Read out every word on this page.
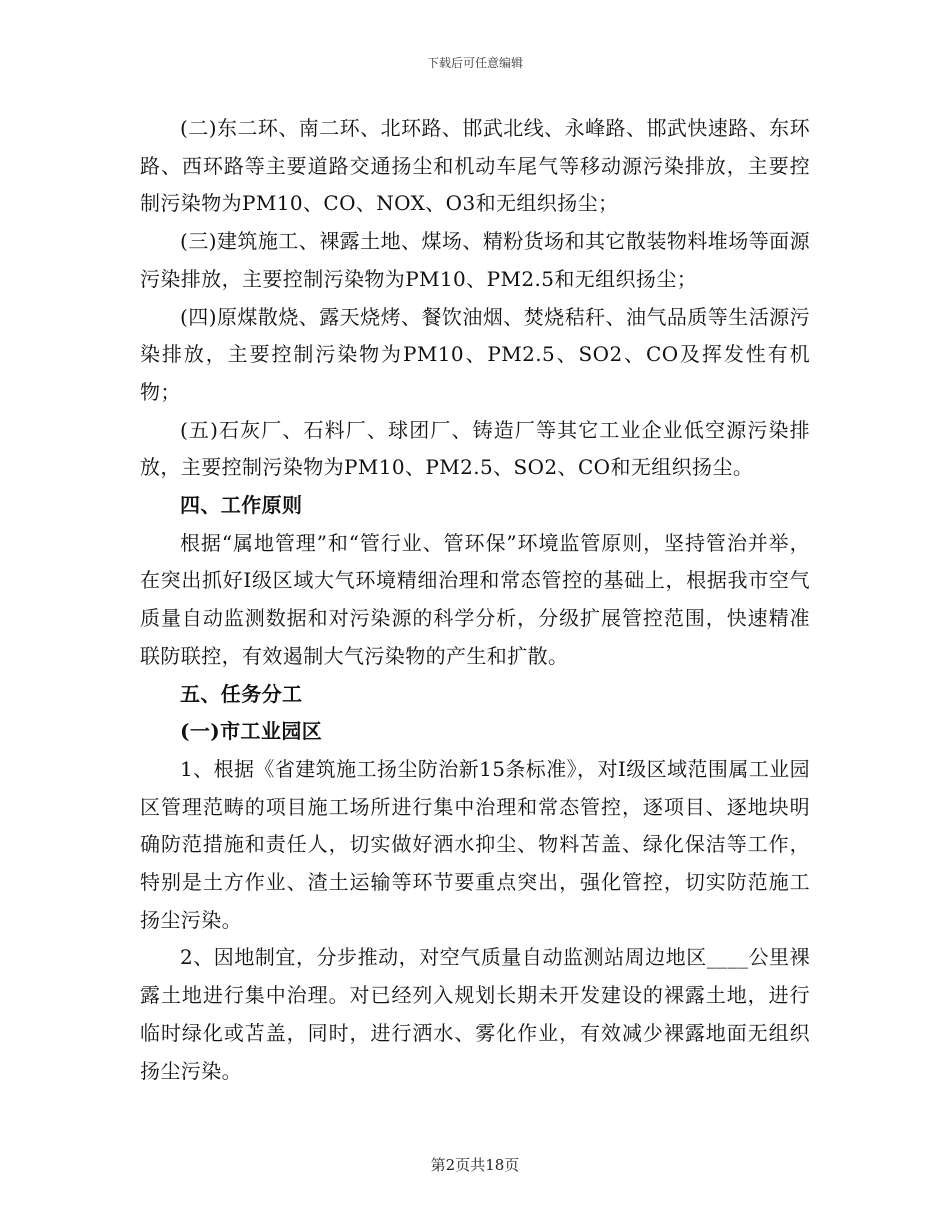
下载后可任意编辑

(二)东二环、南二环、北环路、邯武北线、永峰路、邯武快速路、东环路、西环路等主要道路交通扬尘和机动车尾气等移动源污染排放，主要控制污染物为PM10、CO、NOX、O3和无组织扬尘；

(三)建筑施工、裸露土地、煤场、精粉货场和其它散装物料堆场等面源污染排放，主要控制污染物为PM10、PM2.5和无组织扬尘；

(四)原煤散烧、露天烧烤、餐饮油烟、焚烧秸秆、油气品质等生活源污染排放，主要控制污染物为PM10、PM2.5、SO2、CO及挥发性有机物；

(五)石灰厂、石料厂、球团厂、铸造厂等其它工业企业低空源污染排放，主要控制污染物为PM10、PM2.5、SO2、CO和无组织扬尘。

四、工作原则

根据“属地管理”和“管行业、管环保”环境监管原则，坚持管治并举，在突出抓好Ⅰ级区域大气环境精细治理和常态管控的基础上，根据我市空气质量自动监测数据和对污染源的科学分析，分级扩展管控范围，快速精准联防联控，有效遏制大气污染物的产生和扩散。

五、任务分工

(一)市工业园区

1、根据《省建筑施工扬尘防治新15条标准》，对Ⅰ级区域范围属工业园区管理范畴的项目施工场所进行集中治理和常态管控，逐项目、逐地块明确防范措施和责任人，切实做好洒水抑尘、物料苫盖、绿化保洁等工作，特别是土方作业、渣土运输等环节要重点突出，强化管控，切实防范施工扬尘污染。

2、因地制宜，分步推动，对空气质量自动监测站周边地区____公里裸露土地进行集中治理。对已经列入规划长期未开发建设的裸露土地，进行临时绿化或苫盖，同时，进行洒水、雾化作业，有效减少裸露地面无组织扬尘污染。

第2页共18页
